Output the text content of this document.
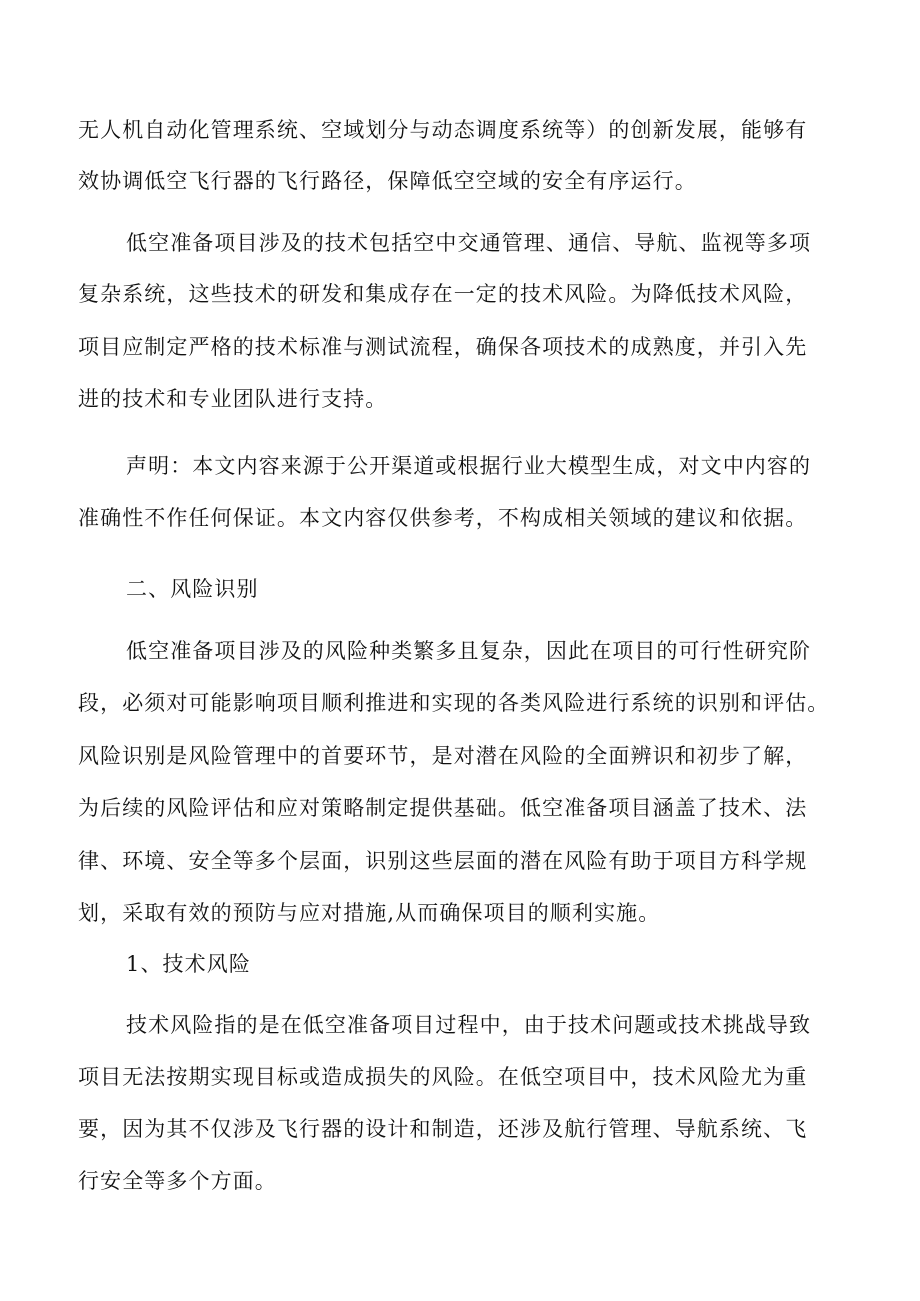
无人机自动化管理系统、空域划分与动态调度系统等）的创新发展，能够有
效协调低空飞行器的飞行路径，保障低空空域的安全有序运行。
低空准备项目涉及的技术包括空中交通管理、通信、导航、监视等多项
复杂系统，这些技术的研发和集成存在一定的技术风险。为降低技术风险，
项目应制定严格的技术标准与测试流程，确保各项技术的成熟度，并引入先
进的技术和专业团队进行支持。
声明：本文内容来源于公开渠道或根据行业大模型生成，对文中内容的
准确性不作任何保证。本文内容仅供参考，不构成相关领域的建议和依据。
二、风险识别
低空准备项目涉及的风险种类繁多且复杂，因此在项目的可行性研究阶
段，必须对可能影响项目顺利推进和实现的各类风险进行系统的识别和评估。
风险识别是风险管理中的首要环节，是对潜在风险的全面辨识和初步了解，
为后续的风险评估和应对策略制定提供基础。低空准备项目涵盖了技术、法
律、环境、安全等多个层面，识别这些层面的潜在风险有助于项目方科学规
划，采取有效的预防与应对措施,从而确保项目的顺利实施。
1、技术风险
技术风险指的是在低空准备项目过程中，由于技术问题或技术挑战导致
项目无法按期实现目标或造成损失的风险。在低空项目中，技术风险尤为重
要，因为其不仅涉及飞行器的设计和制造，还涉及航行管理、导航系统、飞
行安全等多个方面。
